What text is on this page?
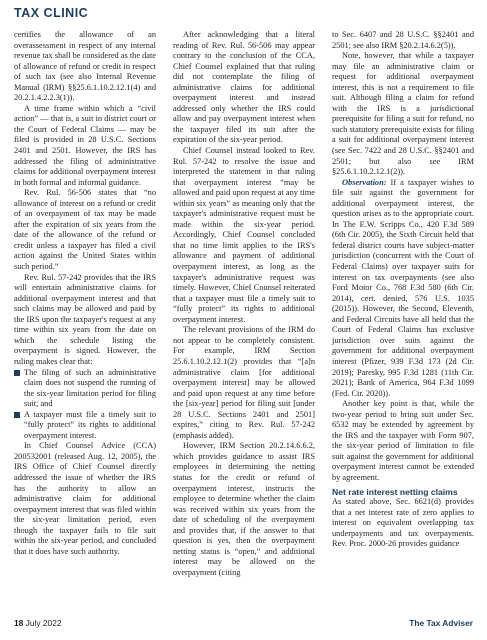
TAX CLINIC

certifies the allowance of an overassessment in respect of any internal revenue tax shall be considered as the date of allowance of refund or credit in respect of such tax (see also Internal Revenue Manual (IRM) §§25.6.1.10.2.12.1(4) and 20.2.1.4.2.2.3(1)).

A time frame within which a “civil action” — that is, a suit in district court or the Court of Federal Claims — may be filed is provided in 28 U.S.C. Sections 2401 and 2501. However, the IRS has addressed the filing of administrative claims for additional overpayment interest in both formal and informal guidance.

Rev. Rul. 56-506 states that “no allowance of interest on a refund or credit of an overpayment of tax may be made after the expiration of six years from the date of the allowance of the refund or credit unless a taxpayer has filed a civil action against the United States within such period.”

Rev. Rul. 57-242 provides that the IRS will entertain administrative claims for additional overpayment interest and that such claims may be allowed and paid by the IRS upon the taxpayer's request at any time within six years from the date on which the schedule listing the overpayment is signed. However, the ruling makes clear that:

The filing of such an administrative claim does not suspend the running of the six-year limitation period for filing suit; and
A taxpayer must file a timely suit to “fully protect” its rights to additional overpayment interest.

In Chief Counsel Advice (CCA) 200532001 (released Aug. 12, 2005), the IRS Office of Chief Counsel directly addressed the issue of whether the IRS has the authority to allow an administrative claim for additional overpayment interest that was filed within the six-year limitation period, even though the taxpayer fails to file suit within the six-year period, and concluded that it does have such authority.

After acknowledging that a literal reading of Rev. Rul. 56-506 may appear contrary to the conclusion of the CCA, Chief Counsel explained that that ruling did not contemplate the filing of administrative claims for additional overpayment interest and instead addressed only whether the IRS could allow and pay overpayment interest when the taxpayer filed its suit after the expiration of the six-year period.

Chief Counsel instead looked to Rev. Rul. 57-242 to resolve the issue and interpreted the statement in that ruling that overpayment interest “may be allowed and paid upon request at any time within six years” as meaning only that the taxpayer's administrative request must be made within the six-year period. Accordingly, Chief Counsel concluded that no time limit applies to the IRS's allowance and payment of additional overpayment interest, as long as the taxpayer's administrative request was timely. However, Chief Counsel reiterated that a taxpayer must file a timely suit to “fully protect” its rights to additional overpayment interest.

The relevant provisions of the IRM do not appear to be completely consistent. For example, IRM Section 25.6.1.10.2.12.1(2) provides that “[a]n administrative claim [for additional overpayment interest] may be allowed and paid upon request at any time before the [six-year] period for filing suit [under 28 U.S.C. Sections 2401 and 2501] expires,” citing to Rev. Rul. 57-242 (emphasis added).

However, IRM Section 20.2.14.6.6.2, which provides guidance to assist IRS employees in determining the netting status for the credit or refund of overpayment interest, instructs the employee to determine whether the claim was received within six years from the date of scheduling of the overpayment and provides that, if the answer to that question is yes, then the overpayment netting status is “open,” and additional interest may be allowed on the overpayment (citing

to Sec. 6407 and 28 U.S.C. §§2401 and 2501; see also IRM §20.2.14.6.2(5)).

Note, however, that while a taxpayer may file an administrative claim or request for additional overpayment interest, this is not a requirement to file suit. Although filing a claim for refund with the IRS is a jurisdictional prerequisite for filing a suit for refund, no such statutory prerequisite exists for filing a suit for additional overpayment interest (see Sec. 7422 and 28 U.S.C. §§2401 and 2501; but also see IRM §25.6.1.10.2.12.1(2)).

Observation: If a taxpayer wishes to file suit against the government for additional overpayment interest, the question arises as to the appropriate court. In The E.W. Scripps Co., 420 F.3d 589 (6th Cir. 2005), the Sixth Circuit held that federal district courts have subject-matter jurisdiction (concurrent with the Court of Federal Claims) over taxpayer suits for interest on tax overpayments (see also Ford Motor Co., 768 F.3d 580 (6th Cir. 2014), cert. denied, 576 U.S. 1035 (2015)). However, the Second, Eleventh, and Federal Circuits have all held that the Court of Federal Claims has exclusive jurisdiction over suits against the government for additional overpayment interest (Pfizer, 939 F.3d 173 (2d Cir. 2019); Paresky, 995 F.3d 1281 (11th Cir. 2021); Bank of America, 964 F.3d 1099 (Fed. Cir. 2020)).

Another key point is that, while the two-year period to bring suit under Sec. 6532 may be extended by agreement by the IRS and the taxpayer with Form 907, the six-year period of limitation to file suit against the government for additional overpayment interest cannot be extended by agreement.

Net rate interest netting claims

As stated above, Sec. 6621(d) provides that a net interest rate of zero applies to interest on equivalent overlapping tax underpayments and tax overpayments. Rev. Proc. 2000-26 provides guidance

18 July 2022	The Tax Adviser
